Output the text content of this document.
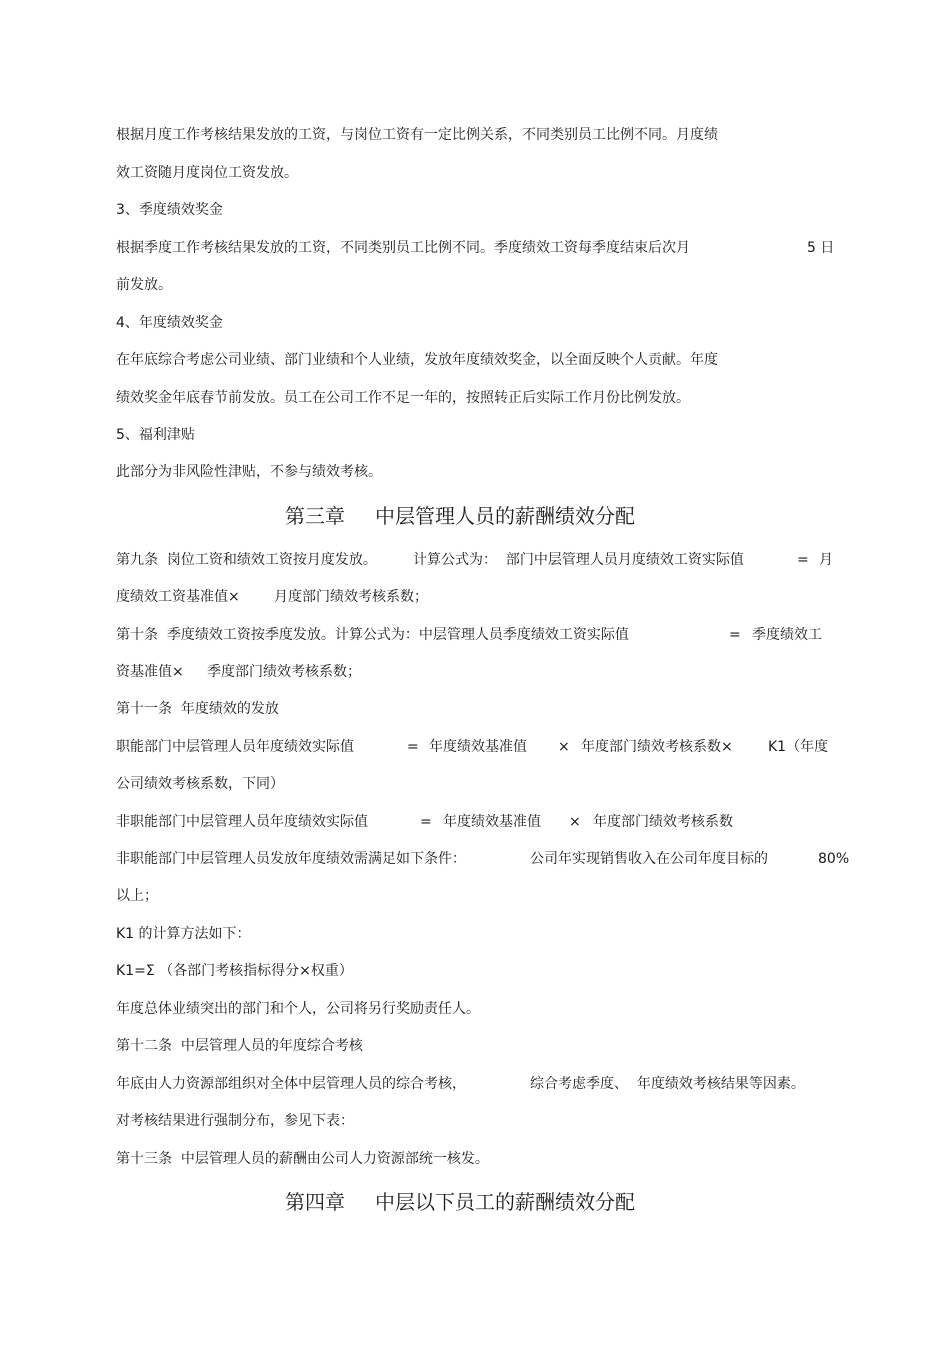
根据月度工作考核结果发放的工资，与岗位工资有一定比例关系，不同类别员工比例不同。月度绩
效工资随月度岗位工资发放。
3、季度绩效奖金
根据季度工作考核结果发放的工资，不同类别员工比例不同。季度绩效工资每季度结束后次月	5 日
前发放。
4、年度绩效奖金
在年底综合考虑公司业绩、部门业绩和个人业绩，发放年度绩效奖金，以全面反映个人贡献。年度
绩效奖金年底春节前发放。员工在公司工作不足一年的，按照转正后实际工作月份比例发放。
5、福利津贴
此部分为非风险性津贴，不参与绩效考核。
第三章 中层管理人员的薪酬绩效分配
第九条  岗位工资和绩效工资按月度发放。	计算公式为：  部门中层管理人员月度绩效工资实际值	= 月
度绩效工资基准值× 月度部门绩效考核系数；
第十条  季度绩效工资按季度发放。计算公式为：中层管理人员季度绩效工资实际值	= 季度绩效工
资基准值× 季度部门绩效考核系数；
第十一条  年度绩效的发放
职能部门中层管理人员年度绩效实际值	= 年度绩效基准值 × 年度部门绩效考核系数×	K1（年度
公司绩效考核系数，下同）
非职能部门中层管理人员年度绩效实际值	= 年度绩效基准值 × 年度部门绩效考核系数
非职能部门中层管理人员发放年度绩效需满足如下条件：	公司年实现销售收入在公司年度目标的	80%
以上；
K1 的计算方法如下：
K1=Σ （各部门考核指标得分×权重）
年度总体业绩突出的部门和个人，公司将另行奖励责任人。
第十二条  中层管理人员的年度综合考核
年底由人力资源部组织对全体中层管理人员的综合考核，	综合考虑季度、  年度绩效考核结果等因素。
对考核结果进行强制分布，参见下表：
第十三条  中层管理人员的薪酬由公司人力资源部统一核发。
第四章 中层以下员工的薪酬绩效分配
